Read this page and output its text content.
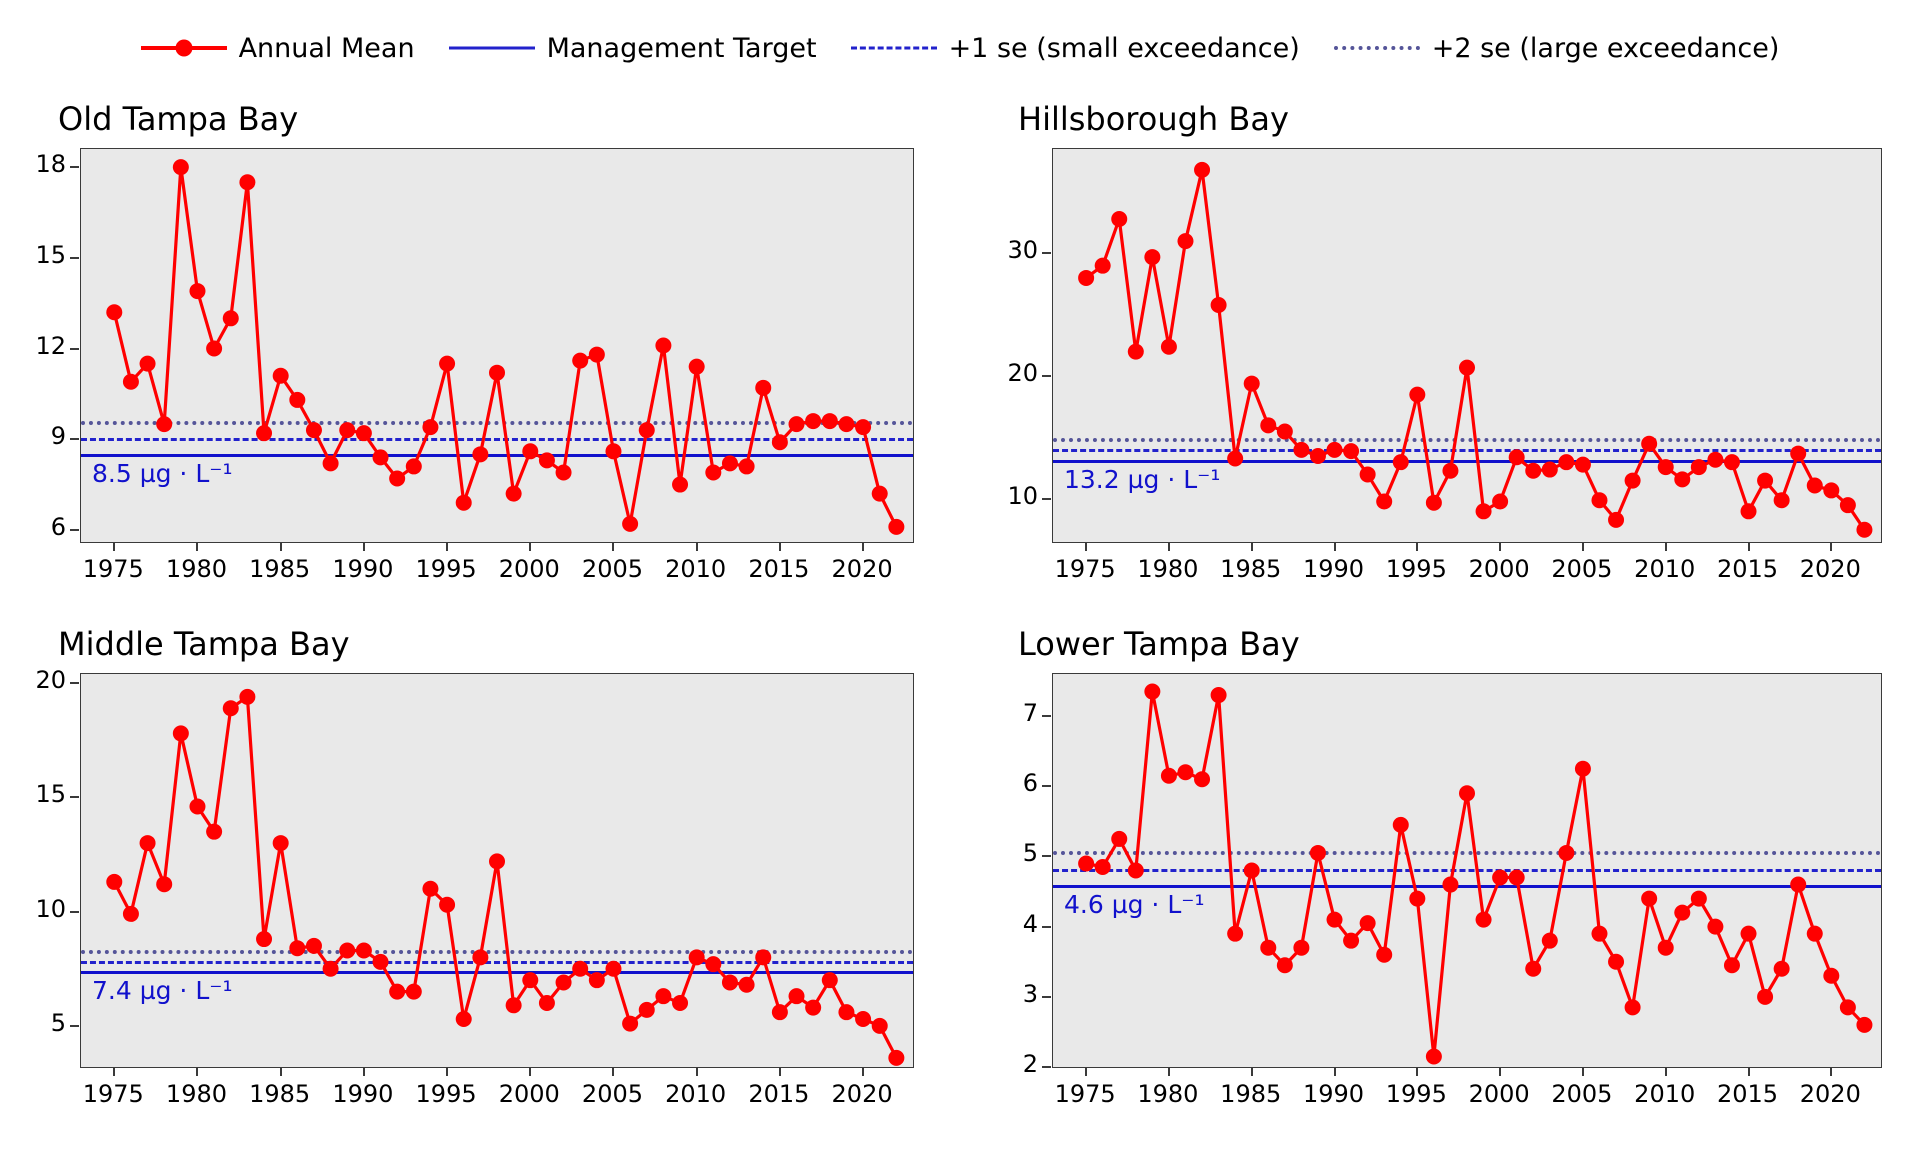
Annual Mean	Management Target	+1 se (small exceedance)	+2 se (large exceedance)
Old Tampa Bay
8.5 µg · L⁻¹
6
9
12
15
18
1975 1980 1985 1990 1995 2000 2005 2010 2015 2020
Hillsborough Bay
13.2 µg · L⁻¹
10
20
30
1975 1980 1985 1990 1995 2000 2005 2010 2015 2020
Middle Tampa Bay
7.4 µg · L⁻¹
5
10
15
20
1975 1980 1985 1990 1995 2000 2005 2010 2015 2020
Lower Tampa Bay
4.6 µg · L⁻¹
2
3
4
5
6
7
1975 1980 1985 1990 1995 2000 2005 2010 2015 2020
